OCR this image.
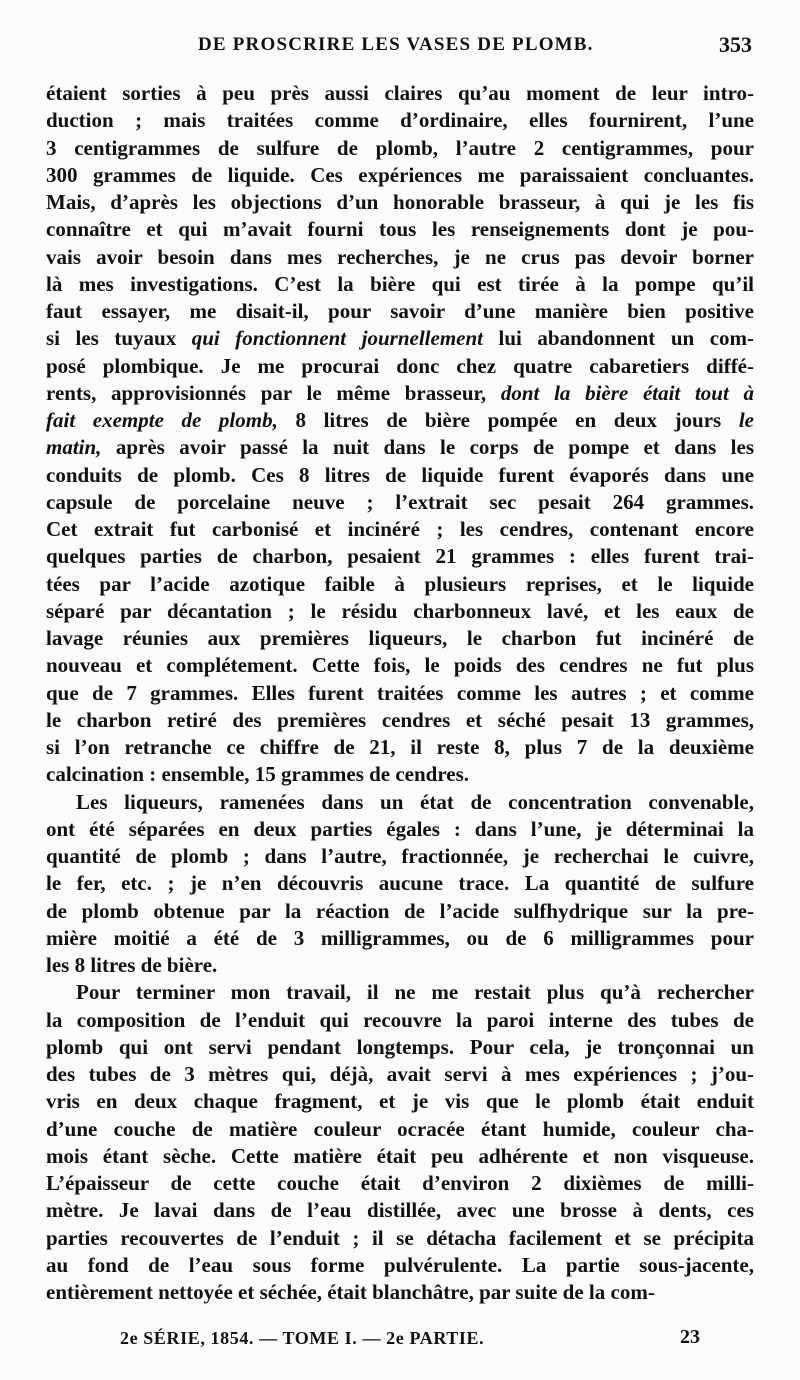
DE PROSCRIRE LES VASES DE PLOMB.	353

étaient sorties à peu près aussi claires qu’au moment de leur intro-
duction ; mais traitées comme d’ordinaire, elles fournirent, l’une
3 centigrammes de sulfure de plomb, l’autre 2 centigrammes, pour
300 grammes de liquide. Ces expériences me paraissaient concluantes.
Mais, d’après les objections d’un honorable brasseur, à qui je les fis
connaître et qui m’avait fourni tous les renseignements dont je pou-
vais avoir besoin dans mes recherches, je ne crus pas devoir borner
là mes investigations. C’est la bière qui est tirée à la pompe qu’il
faut essayer, me disait-il, pour savoir d’une manière bien positive
si les tuyaux qui fonctionnent journellement lui abandonnent un com-
posé plombique. Je me procurai donc chez quatre cabaretiers diffé-
rents, approvisionnés par le même brasseur, dont la bière était tout à
fait exempte de plomb, 8 litres de bière pompée en deux jours le
matin, après avoir passé la nuit dans le corps de pompe et dans les
conduits de plomb. Ces 8 litres de liquide furent évaporés dans une
capsule de porcelaine neuve ; l’extrait sec pesait 264 grammes.
Cet extrait fut carbonisé et incinéré ; les cendres, contenant encore
quelques parties de charbon, pesaient 21 grammes : elles furent trai-
tées par l’acide azotique faible à plusieurs reprises, et le liquide
séparé par décantation ; le résidu charbonneux lavé, et les eaux de
lavage réunies aux premières liqueurs, le charbon fut incinéré de
nouveau et complétement. Cette fois, le poids des cendres ne fut plus
que de 7 grammes. Elles furent traitées comme les autres ; et comme
le charbon retiré des premières cendres et séché pesait 13 grammes,
si l’on retranche ce chiffre de 21, il reste 8, plus 7 de la deuxième
calcination : ensemble, 15 grammes de cendres.

Les liqueurs, ramenées dans un état de concentration convenable,
ont été séparées en deux parties égales : dans l’une, je déterminai la
quantité de plomb ; dans l’autre, fractionnée, je recherchai le cuivre,
le fer, etc. ; je n’en découvris aucune trace. La quantité de sulfure
de plomb obtenue par la réaction de l’acide sulfhydrique sur la pre-
mière moitié a été de 3 milligrammes, ou de 6 milligrammes pour
les 8 litres de bière.

Pour terminer mon travail, il ne me restait plus qu’à rechercher
la composition de l’enduit qui recouvre la paroi interne des tubes de
plomb qui ont servi pendant longtemps. Pour cela, je tronçonnai un
des tubes de 3 mètres qui, déjà, avait servi à mes expériences ; j’ou-
vris en deux chaque fragment, et je vis que le plomb était enduit
d’une couche de matière couleur ocracée étant humide, couleur cha-
mois étant sèche. Cette matière était peu adhérente et non visqueuse.
L’épaisseur de cette couche était d’environ 2 dixièmes de milli-
mètre. Je lavai dans de l’eau distillée, avec une brosse à dents, ces
parties recouvertes de l’enduit ; il se détacha facilement et se précipita
au fond de l’eau sous forme pulvérulente. La partie sous-jacente,
entièrement nettoyée et séchée, était blanchâtre, par suite de la com-

2e SÉRIE, 1854. — TOME I. — 2e PARTIE.	23
